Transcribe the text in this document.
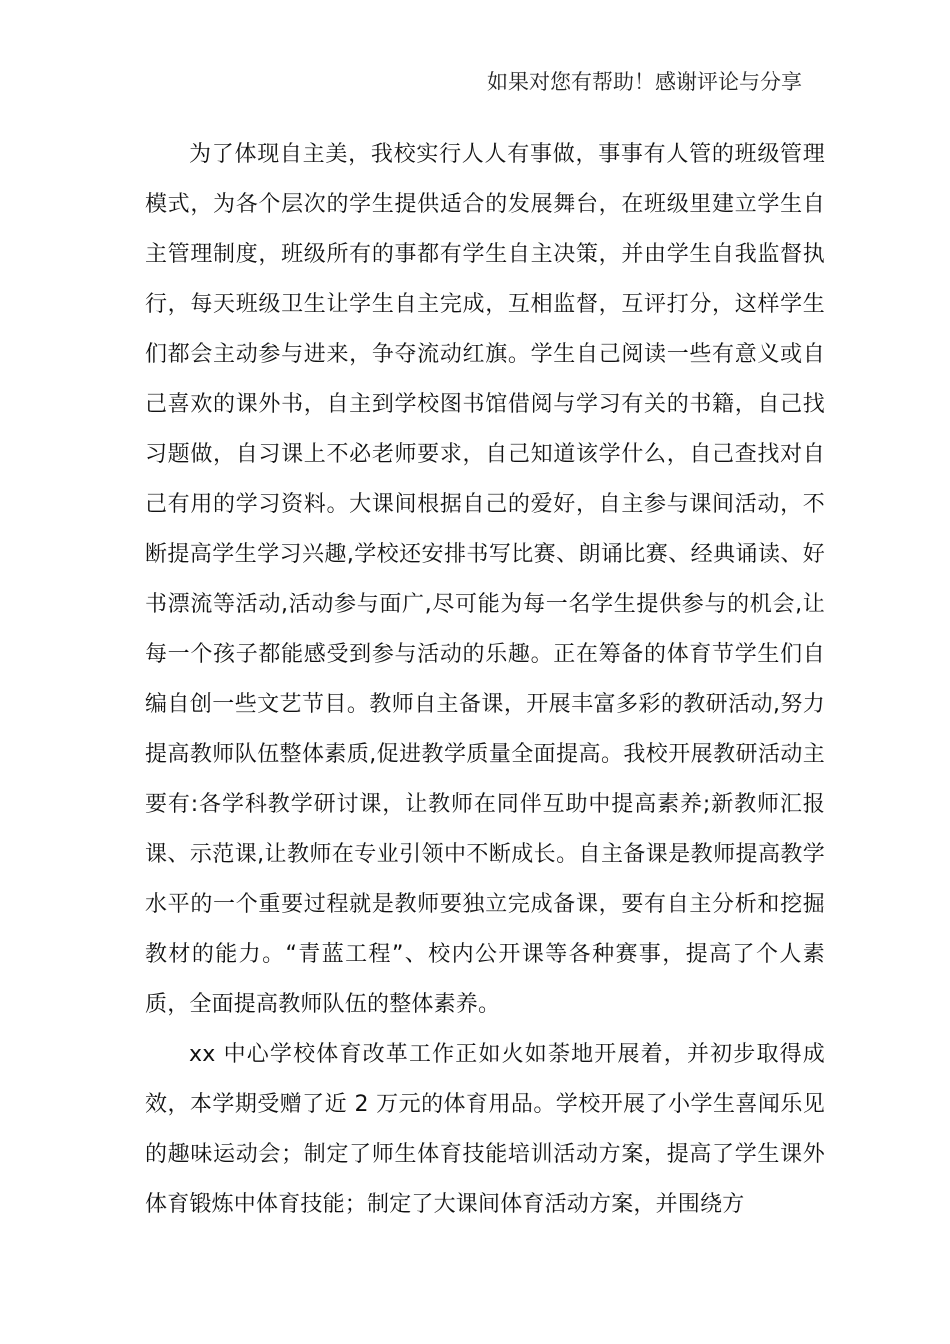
如果对您有帮助！感谢评论与分享

为了体现自主美，我校实行人人有事做，事事有人管的班级管理模式，为各个层次的学生提供适合的发展舞台，在班级里建立学生自主管理制度，班级所有的事都有学生自主决策，并由学生自我监督执行，每天班级卫生让学生自主完成，互相监督，互评打分，这样学生们都会主动参与进来，争夺流动红旗。学生自己阅读一些有意义或自己喜欢的课外书，自主到学校图书馆借阅与学习有关的书籍，自己找习题做，自习课上不必老师要求，自己知道该学什么，自己查找对自己有用的学习资料。大课间根据自己的爱好，自主参与课间活动，不断提高学生学习兴趣,学校还安排书写比赛、朗诵比赛、经典诵读、好书漂流等活动,活动参与面广,尽可能为每一名学生提供参与的机会,让每一个孩子都能感受到参与活动的乐趣。正在筹备的体育节学生们自编自创一些文艺节目。教师自主备课，开展丰富多彩的教研活动,努力提高教师队伍整体素质,促进教学质量全面提高。我校开展教研活动主要有:各学科教学研讨课，让教师在同伴互助中提高素养;新教师汇报课、示范课,让教师在专业引领中不断成长。自主备课是教师提高教学水平的一个重要过程就是教师要独立完成备课，要有自主分析和挖掘教材的能力。“青蓝工程”、校内公开课等各种赛事，提高了个人素质，全面提高教师队伍的整体素养。

xx 中心学校体育改革工作正如火如荼地开展着，并初步取得成效，本学期受赠了近 2 万元的体育用品。学校开展了小学生喜闻乐见的趣味运动会；制定了师生体育技能培训活动方案，提高了学生课外体育锻炼中体育技能；制定了大课间体育活动方案，并围绕方
